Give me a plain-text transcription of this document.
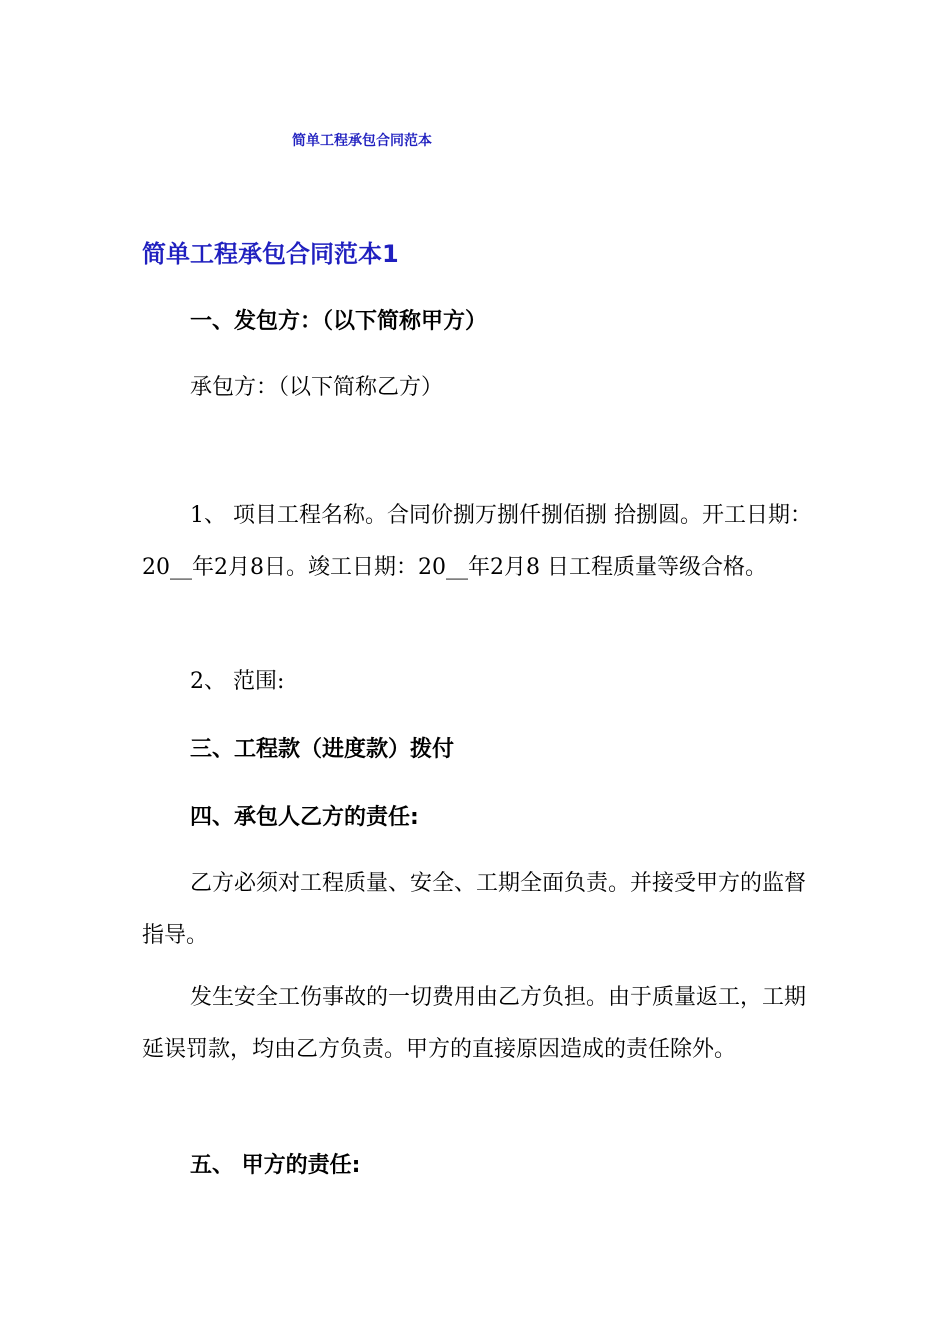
简单工程承包合同范本
简单工程承包合同范本1
一、发包方：（以下简称甲方）
承包方：（以下简称乙方）
1、 项目工程名称。合同价捌万捌仟捌佰捌 拾捌圆。开工日期：20__年2月8日。竣工日期：20__年2月8 日工程质量等级合格。
2、 范围:
三、工程款（进度款）拨付
四、承包人乙方的责任:
乙方必须对工程质量、安全、工期全面负责。并接受甲方的监督指导。
发生安全工伤事故的一切费用由乙方负担。由于质量返工，工期延误罚款，均由乙方负责。甲方的直接原因造成的责任除外。
五、 甲方的责任:
